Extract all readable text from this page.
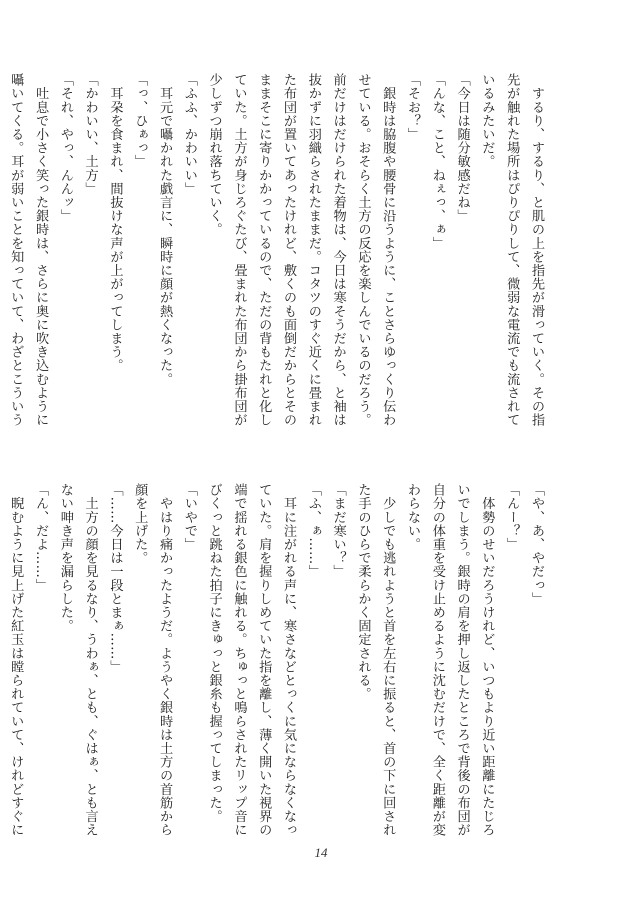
　するり、するり、と肌の上を指先が滑っていく。その指

先が触れた場所はぴりぴりして、微弱な電流でも流されて

いるみたいだ。

「今日は随分敏感だね」

「んな、こと、ねぇっ、ぁ」

「そお？」

　銀時は脇腹や腰骨に沿うように、ことさらゆっくり伝わ

せている。おそらく土方の反応を楽しんでいるのだろう。

前だけはだけられた着物は、今日は寒そうだから、と袖は

抜かずに羽織らされたままだ。コタツのすぐ近くに畳まれ

た布団が置いてあったけれど、敷くのも面倒だからとその

ままそこに寄りかかっているので、ただの背もたれと化し

ていた。土方が身じろぐたび、畳まれた布団から掛布団が

少しずつ崩れ落ちていく。

「ふふ、かわいい」

　耳元で囁かれた戯言に、瞬時に顔が熱くなった。

「っ、ひぁっ」

　耳朶を食まれ、間抜けな声が上がってしまう。

「かわいい、土方」

「それ、やっ、んんッ」

　吐息で小さく笑った銀時は、さらに奥に吹き込むように

囁いてくる。耳が弱いことを知っていて、わざとこういう

「や、あ、やだっ」

「んー？」

　体勢のせいだろうけれど、いつもより近い距離にたじろ

いでしまう。銀時の肩を押し返したところで背後の布団が

自分の体重を受け止めるように沈むだけで、全く距離が変

わらない。

　少しでも逃れようと首を左右に振ると、首の下に回され

た手のひらで柔らかく固定される。

「まだ寒い？」

「ふ、ぁ……」

　耳に注がれる声に、寒さなどとっくに気にならなくなっ

ていた。肩を握りしめていた指を離し、薄く開いた視界の

端で揺れる銀色に触れる。ちゅっと鳴らされたリップ音に

びくっと跳ねた拍子にきゅっと銀糸も握ってしまった。

「いやで」

　やはり痛かったようだ。ようやく銀時は土方の首筋から

顔を上げた。

「……今日は一段とまぁ……」

　土方の顔を見るなり、うわぁ、とも、ぐはぁ、とも言え

ない呻き声を漏らした。

「ん、だよ……」

　睨むように見上げた紅玉は瞠られていて、けれどすぐに

14
